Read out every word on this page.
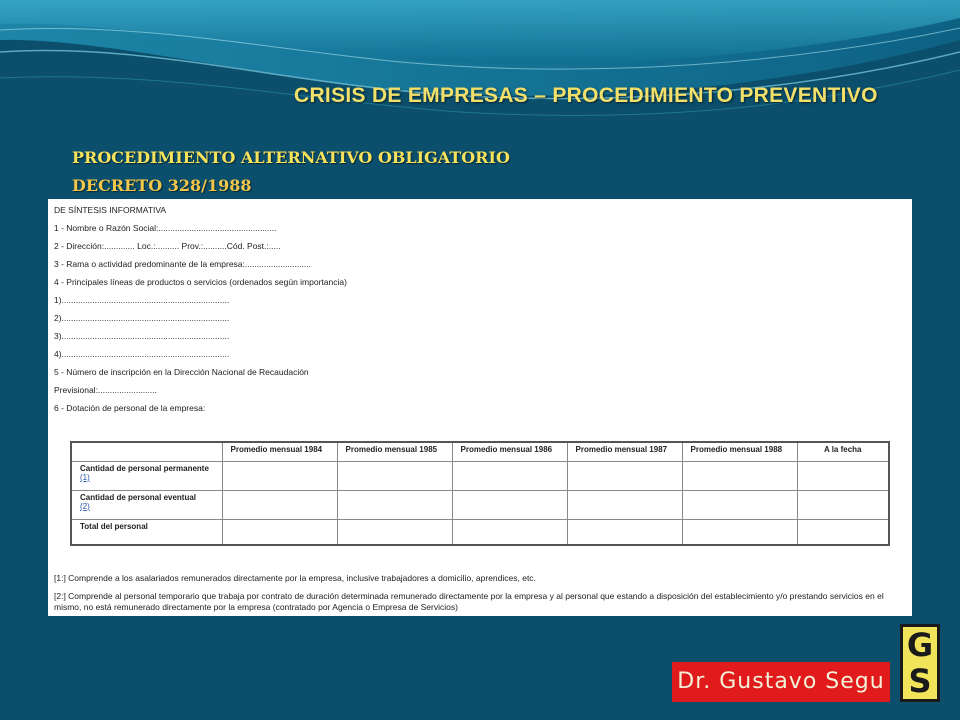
CRISIS DE EMPRESAS – PROCEDIMIENTO PREVENTIVO
PROCEDIMIENTO ALTERNATIVO OBLIGATORIO
DECRETO 328/1988
DE SÍNTESIS INFORMATIVA
1 - Nombre o Razón Social:..................................................
2 - Dirección:............. Loc.:.......... Prov.:..........Cód. Post.:.....
3 - Rama o actividad predominante de la empresa:............................
4 - Principales líneas de productos o servicios (ordenados según importancia)
1).......................................................................
2).......................................................................
3).......................................................................
4).......................................................................
5 - Número de inscripción en la Dirección Nacional de Recaudación
Previsional:.........................
6 - Dotación de personal de la empresa:
	Promedio mensual 1984	Promedio mensual 1985	Promedio mensual 1986	Promedio mensual 1987	Promedio mensual 1988	A la fecha
Cantidad de personal permanente (1)						
Cantidad de personal eventual
(2)						
Total del personal						
[1:] Comprende a los asalariados remunerados directamente por la empresa, inclusive trabajadores a domicilio, aprendices, etc.
[2:] Comprende al personal temporario que trabaja por contrato de duración determinada remunerado directamente por la empresa y al personal que estando a disposición del establecimiento y/o prestando servicios en el mismo, no está remunerado directamente por la empresa (contratado por Agencia o Empresa de Servicios)
Dr. Gustavo Segu
G
S
